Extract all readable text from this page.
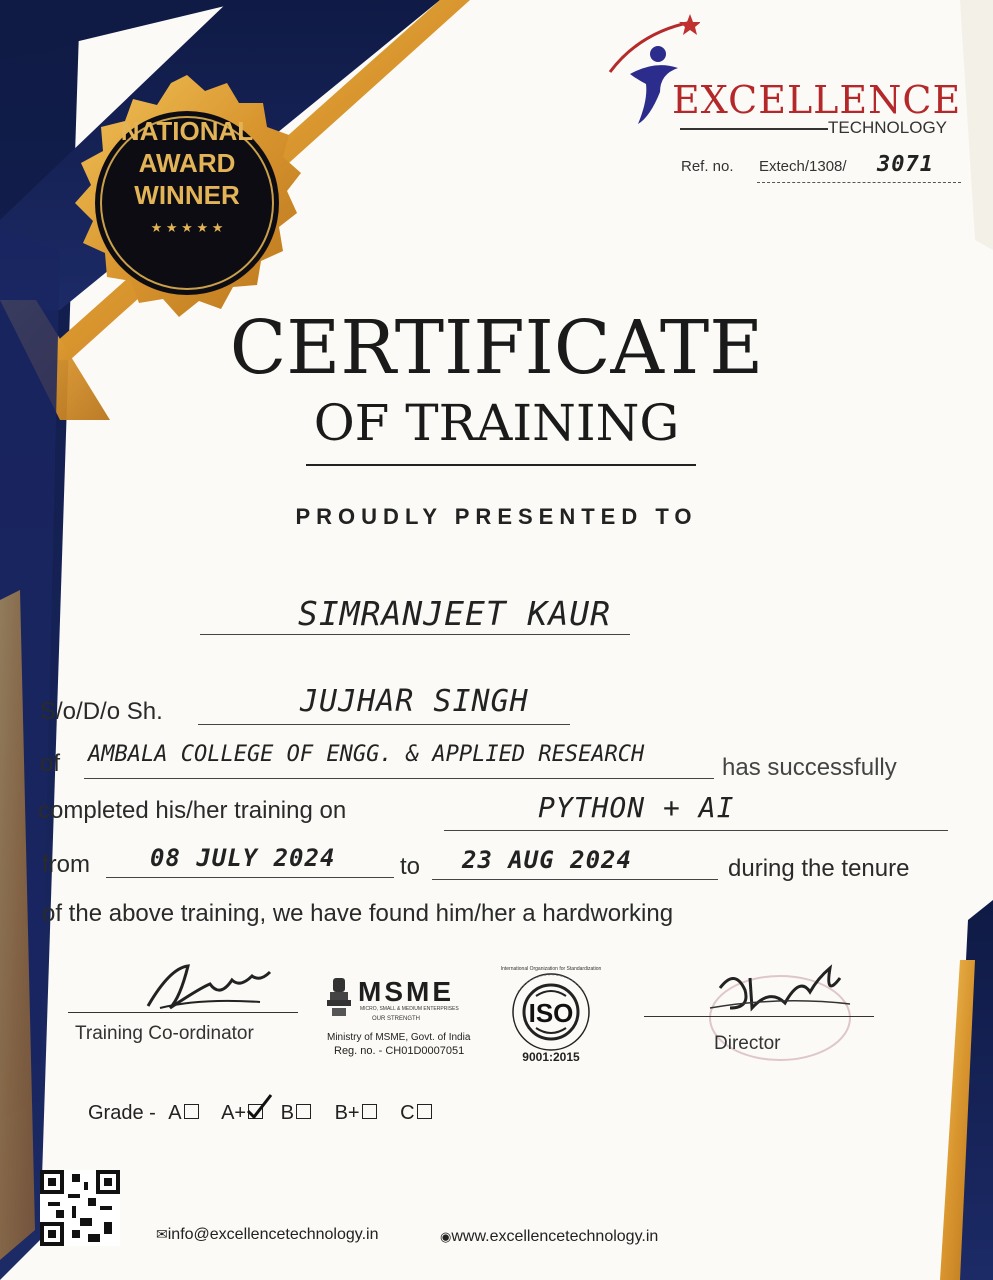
NATIONAL
AWARD
WINNER
★ ★ ★ ★ ★
EXCELLENCE
TECHNOLOGY
Ref. no. Extech/1308/ 3071
CERTIFICATE
OF TRAINING
PROUDLY PRESENTED TO
SIMRANJEET KAUR
S/o/D/o Sh.	JUJHAR SINGH
of AMBALA COLLEGE OF ENGG. & APPLIED RESEARCH	has successfully
completed his/her training on	PYTHON + AI
from	08 JULY 2024	to 23 AUG 2024	during the tenure
of the above training, we have found him/her a hardworking
Training Co-ordinator
MSME
MICRO, SMALL & MEDIUM ENTERPRISES
OUR STRENGTH
Ministry of MSME, Govt. of India
Reg. no. - CH01D0007051
International Organization for Standardization
ISO
9001:2015
Director
Grade - A A+ B B+ C
✉info@excellencetechnology.in	◉www.excellencetechnology.in
